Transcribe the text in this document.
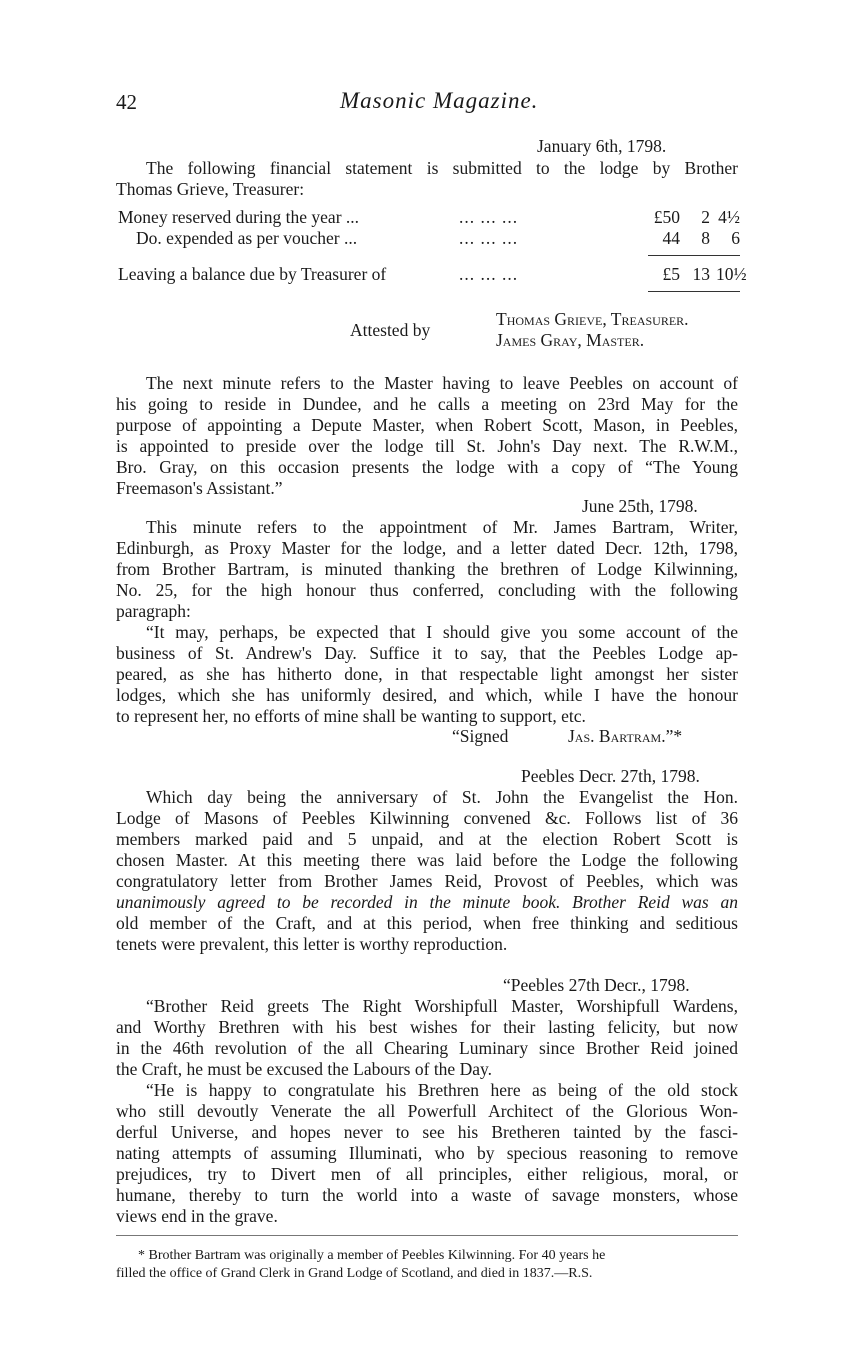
42	Masonic Magazine.
January 6th, 1798.
The following financial statement is submitted to the lodge by Brother
Thomas Grieve, Treasurer:
Money reserved during the year ...	... ... ...	£50	2 4½
Do. expended as per voucher ...	... ... ...	44	8	6
Leaving a balance due by Treasurer of	... ... ...	£5 13 10½
Attested by
Thomas Grieve, Treasurer.
James Gray, Master.
The next minute refers to the Master having to leave Peebles on account of
his going to reside in Dundee, and he calls a meeting on 23rd May for the
purpose of appointing a Depute Master, when Robert Scott, Mason, in Peebles,
is appointed to preside over the lodge till St. John's Day next. The R.W.M.,
Bro. Gray, on this occasion presents the lodge with a copy of “The Young
Freemason's Assistant.”
June 25th, 1798.
This minute refers to the appointment of Mr. James Bartram, Writer,
Edinburgh, as Proxy Master for the lodge, and a letter dated Decr. 12th, 1798,
from Brother Bartram, is minuted thanking the brethren of Lodge Kilwinning,
No. 25, for the high honour thus conferred, concluding with the following
paragraph:
“It may, perhaps, be expected that I should give you some account of the
business of St. Andrew's Day. Suffice it to say, that the Peebles Lodge ap-
peared, as she has hitherto done, in that respectable light amongst her sister
lodges, which she has uniformly desired, and which, while I have the honour
to represent her, no efforts of mine shall be wanting to support, etc.
“Signed	Jas. Bartram.”*
Peebles Decr. 27th, 1798.
Which day being the anniversary of St. John the Evangelist the Hon.
Lodge of Masons of Peebles Kilwinning convened &c. Follows list of 36
members marked paid and 5 unpaid, and at the election Robert Scott is
chosen Master. At this meeting there was laid before the Lodge the following
congratulatory letter from Brother James Reid, Provost of Peebles, which was
unanimously agreed to be recorded in the minute book. Brother Reid was an
old member of the Craft, and at this period, when free thinking and seditious
tenets were prevalent, this letter is worthy reproduction.
“Peebles 27th Decr., 1798.
“Brother Reid greets The Right Worshipfull Master, Worshipfull Wardens,
and Worthy Brethren with his best wishes for their lasting felicity, but now
in the 46th revolution of the all Chearing Luminary since Brother Reid joined
the Craft, he must be excused the Labours of the Day.
“He is happy to congratulate his Brethren here as being of the old stock
who still devoutly Venerate the all Powerfull Architect of the Glorious Won-
derful Universe, and hopes never to see his Bretheren tainted by the fasci-
nating attempts of assuming Illuminati, who by specious reasoning to remove
prejudices, try to Divert men of all principles, either religious, moral, or
humane, thereby to turn the world into a waste of savage monsters, whose
views end in the grave.
* Brother Bartram was originally a member of Peebles Kilwinning. For 40 years he
filled the office of Grand Clerk in Grand Lodge of Scotland, and died in 1837.—R.S.
